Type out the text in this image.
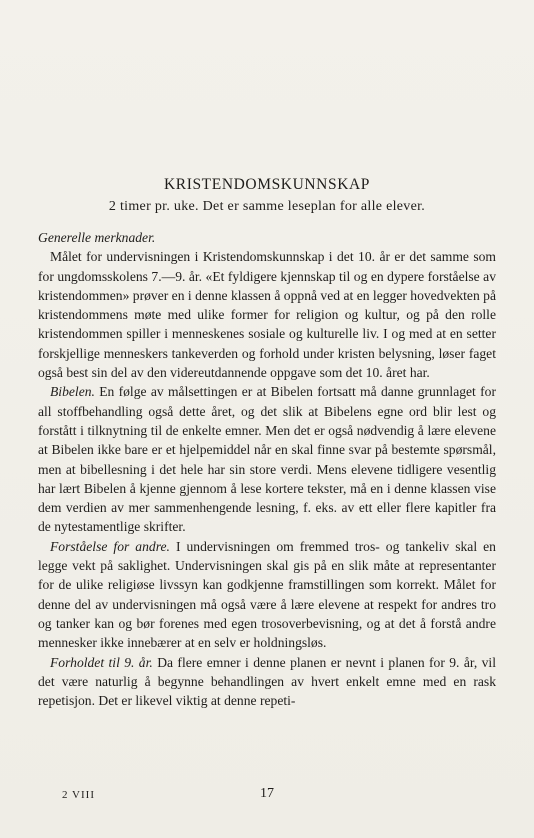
KRISTENDOMSKUNNSKAP
2 timer pr. uke. Det er samme leseplan for alle elever.

Generelle merknader.

Målet for undervisningen i Kristendomskunnskap i det 10. år er det samme som for ungdomsskolens 7.—9. år. «Et fyldigere kjennskap til og en dypere forståelse av kristendommen» prøver en i denne klassen å oppnå ved at en legger hovedvekten på kristendommens møte med ulike former for religion og kultur, og på den rolle kristendommen spiller i menneskenes sosiale og kulturelle liv. I og med at en setter forskjellige menneskers tankeverden og forhold under kristen belysning, løser faget også best sin del av den videreutdannende oppgave som det 10. året har.

Bibelen. En følge av målsettingen er at Bibelen fortsatt må danne grunnlaget for all stoffbehandling også dette året, og det slik at Bibelens egne ord blir lest og forstått i tilknytning til de enkelte emner. Men det er også nødvendig å lære elevene at Bibelen ikke bare er et hjelpemiddel når en skal finne svar på bestemte spørsmål, men at bibellesning i det hele har sin store verdi. Mens elevene tidligere vesentlig har lært Bibelen å kjenne gjennom å lese kortere tekster, må en i denne klassen vise dem verdien av mer sammenhengende lesning, f. eks. av ett eller flere kapitler fra de nytestamentlige skrifter.

Forståelse for andre. I undervisningen om fremmed tros- og tankeliv skal en legge vekt på saklighet. Undervisningen skal gis på en slik måte at representanter for de ulike religiøse livssyn kan godkjenne framstillingen som korrekt. Målet for denne del av undervisningen må også være å lære elevene at respekt for andres tro og tanker kan og bør forenes med egen trosoverbevisning, og at det å forstå andre mennesker ikke innebærer at en selv er holdningsløs.

Forholdet til 9. år. Da flere emner i denne planen er nevnt i planen for 9. år, vil det være naturlig å begynne behandlingen av hvert enkelt emne med en rask repetisjon. Det er likevel viktig at denne repeti-

2 VIII	17
